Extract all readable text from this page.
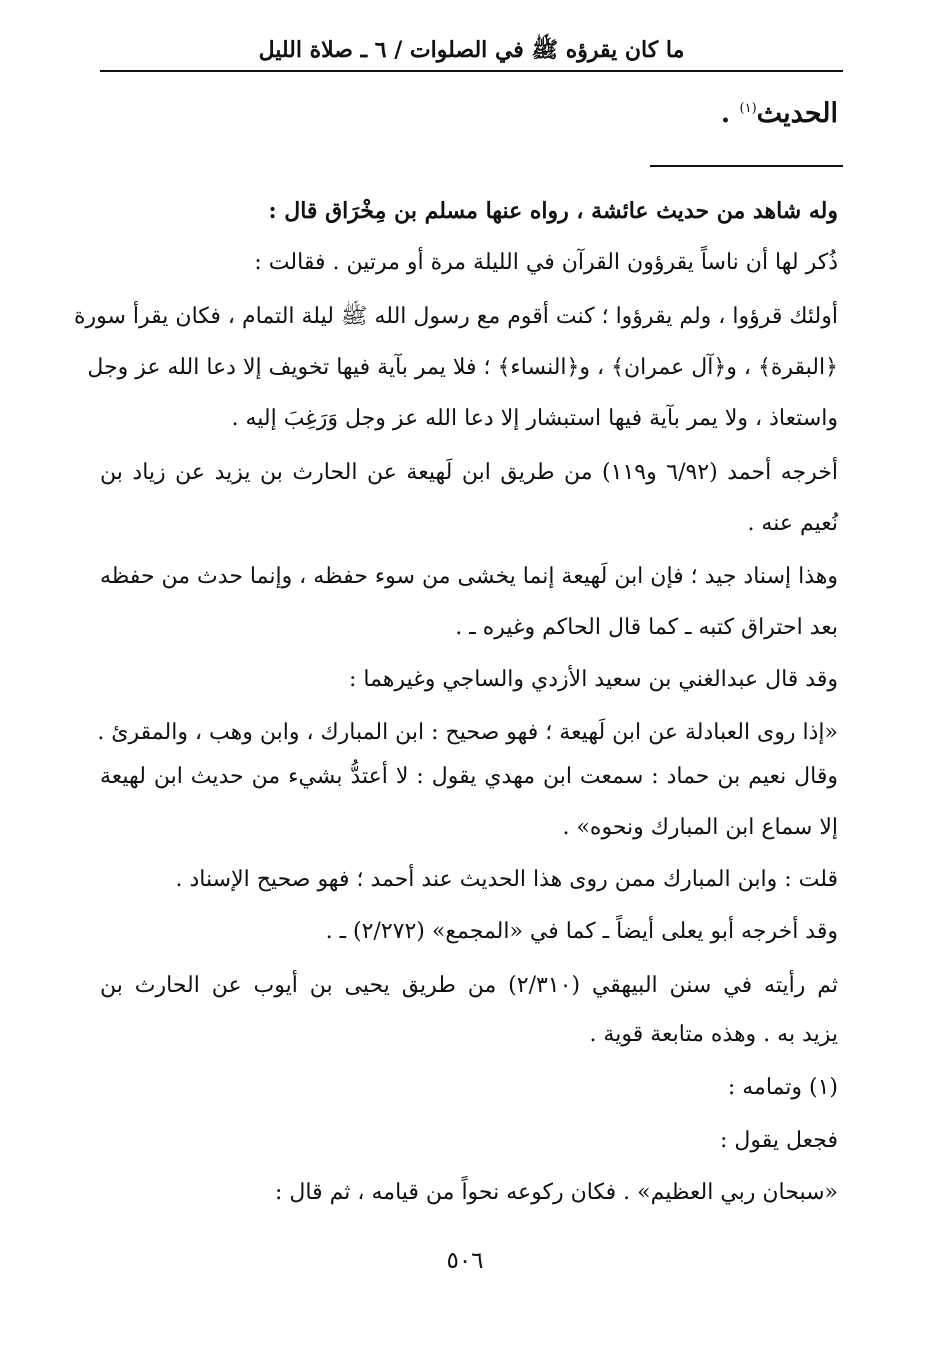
ما كان يقرؤه ﷺ في الصلوات / ٦ ـ صلاة الليل
الحديث$^{(١)}$ .
وله شاهد من حديث عائشة ، رواه عنها مسلم بن مِخْرَاق قال :
ذُكر لها أن ناساً يقرؤون القرآن في الليلة مرة أو مرتين . فقالت :
أولئك قرؤوا ، ولم يقرؤوا ؛ كنت أقوم مع رسول الله ﷺ ليلة التمام ، فكان يقرأ سورة
﴿البقرة﴾ ، و﴿آل عمران﴾ ، و﴿النساء﴾ ؛ فلا يمر بآية فيها تخويف إلا دعا الله عز وجل
واستعاذ ، ولا يمر بآية فيها استبشار إلا دعا الله عز وجل وَرَغِبَ إليه .
أخرجه أحمد (٦/٩٢ و١١٩) من طريق ابن لَهيعة عن الحارث بن يزيد عن زياد بن
نُعيم عنه .
وهذا إسناد جيد ؛ فإن ابن لَهيعة إنما يخشى من سوء حفظه ، وإنما حدث من حفظه
بعد احتراق كتبه ـ كما قال الحاكم وغيره ـ .
وقد قال عبدالغني بن سعيد الأزدي والساجي وغيرهما :
«إذا روى العبادلة عن ابن لَهيعة ؛ فهو صحيح : ابن المبارك ، وابن وهب ، والمقرئ .
وقال نعيم بن حماد : سمعت ابن مهدي يقول : لا أعتدُّ بشيء من حديث ابن لهيعة
إلا سماع ابن المبارك ونحوه» .
قلت : وابن المبارك ممن روى هذا الحديث عند أحمد ؛ فهو صحيح الإسناد .
وقد أخرجه أبو يعلى أيضاً ـ كما في «المجمع» (٢/٢٧٢) ـ .
ثم رأيته في سنن البيهقي (٢/٣١٠) من طريق يحيى بن أيوب عن الحارث بن
يزيد به . وهذه متابعة قوية .
(١) وتمامه :
فجعل يقول :
«سبحان ربي العظيم» . فكان ركوعه نحواً من قيامه ، ثم قال :
٥٠٦
